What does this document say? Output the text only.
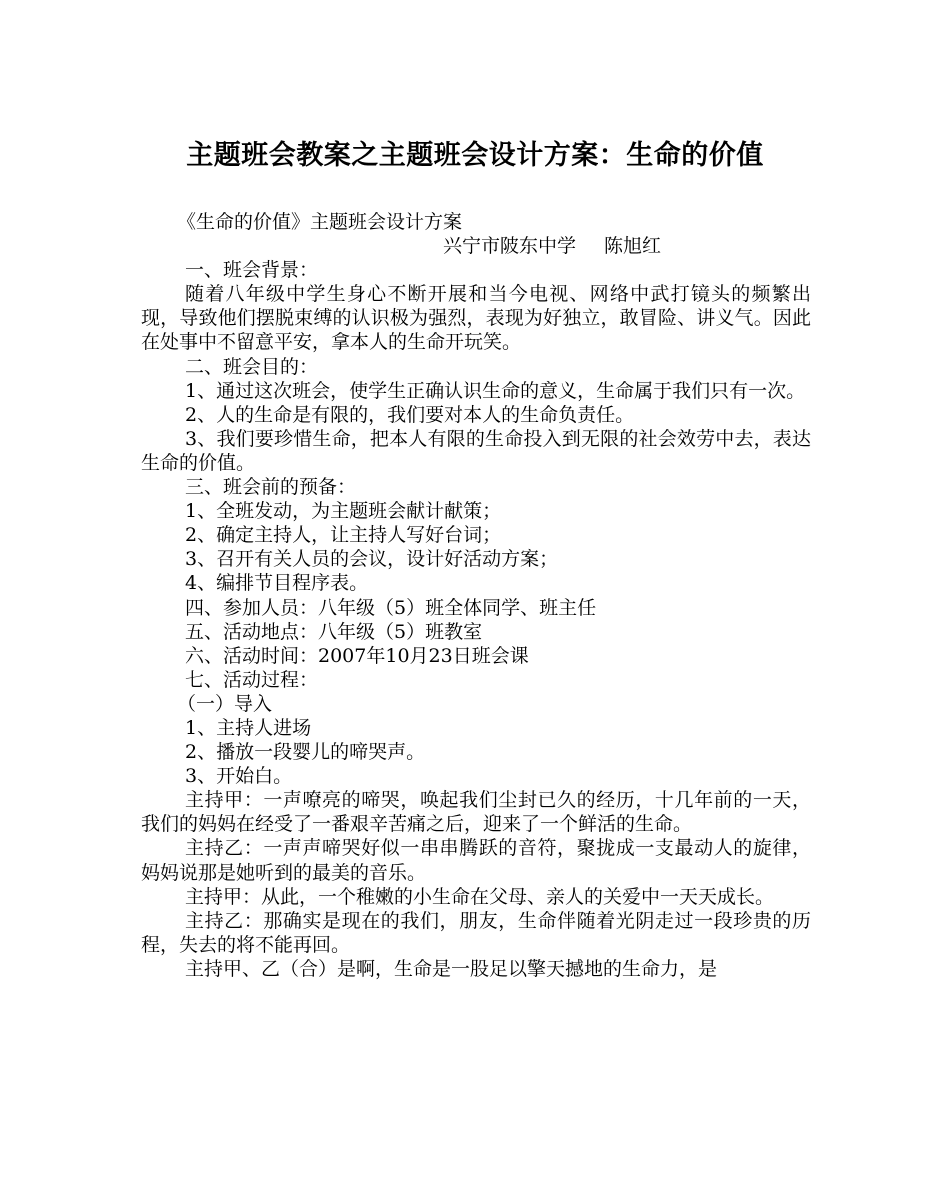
主题班会教案之主题班会设计方案：生命的价值

《生命的价值》主题班会设计方案

兴宁市陂东中学 陈旭红

一、班会背景：

随着八年级中学生身心不断开展和当今电视、网络中武打镜头的频繁出现，导致他们摆脱束缚的认识极为强烈，表现为好独立，敢冒险、讲义气。因此在处事中不留意平安，拿本人的生命开玩笑。

二、班会目的：

1、通过这次班会，使学生正确认识生命的意义，生命属于我们只有一次。

2、人的生命是有限的，我们要对本人的生命负责任。

3、我们要珍惜生命，把本人有限的生命投入到无限的社会效劳中去，表达生命的价值。

三、班会前的预备：

1、全班发动，为主题班会献计献策；

2、确定主持人，让主持人写好台词；

3、召开有关人员的会议，设计好活动方案；

4、编排节目程序表。

四、参加人员：八年级（5）班全体同学、班主任

五、活动地点：八年级（5）班教室

六、活动时间：2007年10月23日班会课

七、活动过程：

（一）导入

1、主持人进场

2、播放一段婴儿的啼哭声。

3、开始白。

主持甲：一声嘹亮的啼哭，唤起我们尘封已久的经历，十几年前的一天，我们的妈妈在经受了一番艰辛苦痛之后，迎来了一个鲜活的生命。

主持乙：一声声啼哭好似一串串腾跃的音符，聚拢成一支最动人的旋律，妈妈说那是她听到的最美的音乐。

主持甲：从此，一个稚嫩的小生命在父母、亲人的关爱中一天天成长。

主持乙：那确实是现在的我们，朋友，生命伴随着光阴走过一段珍贵的历程，失去的将不能再回。

主持甲、乙（合）是啊，生命是一股足以擎天撼地的生命力，是
